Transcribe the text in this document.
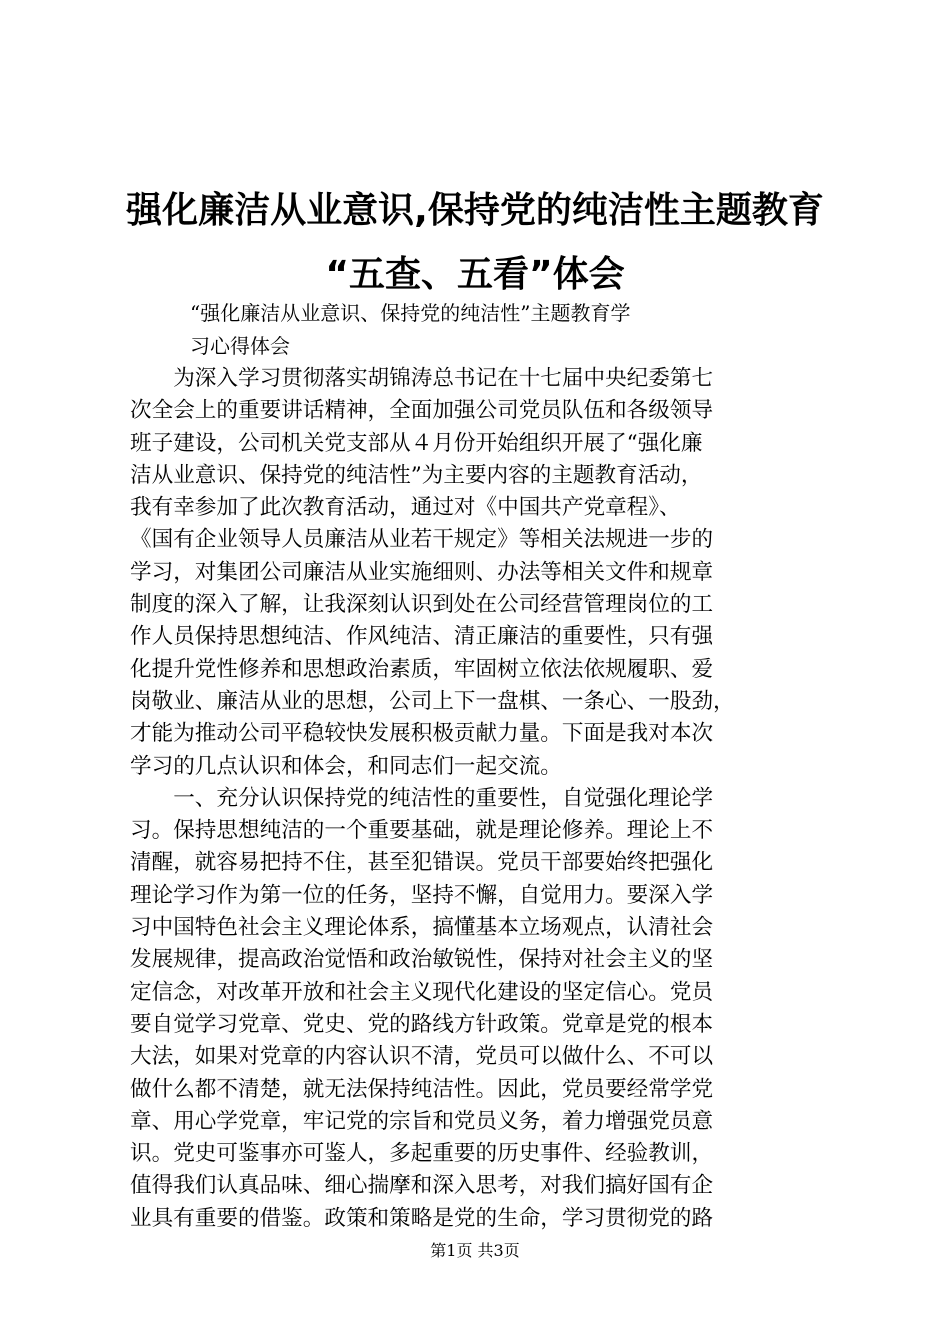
强化廉洁从业意识,保持党的纯洁性主题教育
“五查、五看”体会
“强化廉洁从业意识、保持党的纯洁性”主题教育学
习心得体会
　　为深入学习贯彻落实胡锦涛总书记在十七届中央纪委第七
次全会上的重要讲话精神，全面加强公司党员队伍和各级领导
班子建设，公司机关党支部从４月份开始组织开展了“强化廉
洁从业意识、保持党的纯洁性”为主要内容的主题教育活动，
我有幸参加了此次教育活动，通过对《中国共产党章程》、
《国有企业领导人员廉洁从业若干规定》等相关法规进一步的
学习，对集团公司廉洁从业实施细则、办法等相关文件和规章
制度的深入了解，让我深刻认识到处在公司经营管理岗位的工
作人员保持思想纯洁、作风纯洁、清正廉洁的重要性，只有强
化提升党性修养和思想政治素质，牢固树立依法依规履职、爱
岗敬业、廉洁从业的思想，公司上下一盘棋、一条心、一股劲，
才能为推动公司平稳较快发展积极贡献力量。下面是我对本次
学习的几点认识和体会，和同志们一起交流。
　　一、充分认识保持党的纯洁性的重要性，自觉强化理论学
习。保持思想纯洁的一个重要基础，就是理论修养。理论上不
清醒，就容易把持不住，甚至犯错误。党员干部要始终把强化
理论学习作为第一位的任务，坚持不懈，自觉用力。要深入学
习中国特色社会主义理论体系，搞懂基本立场观点，认清社会
发展规律，提高政治觉悟和政治敏锐性，保持对社会主义的坚
定信念，对改革开放和社会主义现代化建设的坚定信心。党员
要自觉学习党章、党史、党的路线方针政策。党章是党的根本
大法，如果对党章的内容认识不清，党员可以做什么、不可以
做什么都不清楚，就无法保持纯洁性。因此，党员要经常学党
章、用心学党章，牢记党的宗旨和党员义务，着力增强党员意
识。党史可鉴事亦可鉴人，多起重要的历史事件、经验教训，
值得我们认真品味、细心揣摩和深入思考，对我们搞好国有企
业具有重要的借鉴。政策和策略是党的生命，学习贯彻党的路
第1页 共3页
